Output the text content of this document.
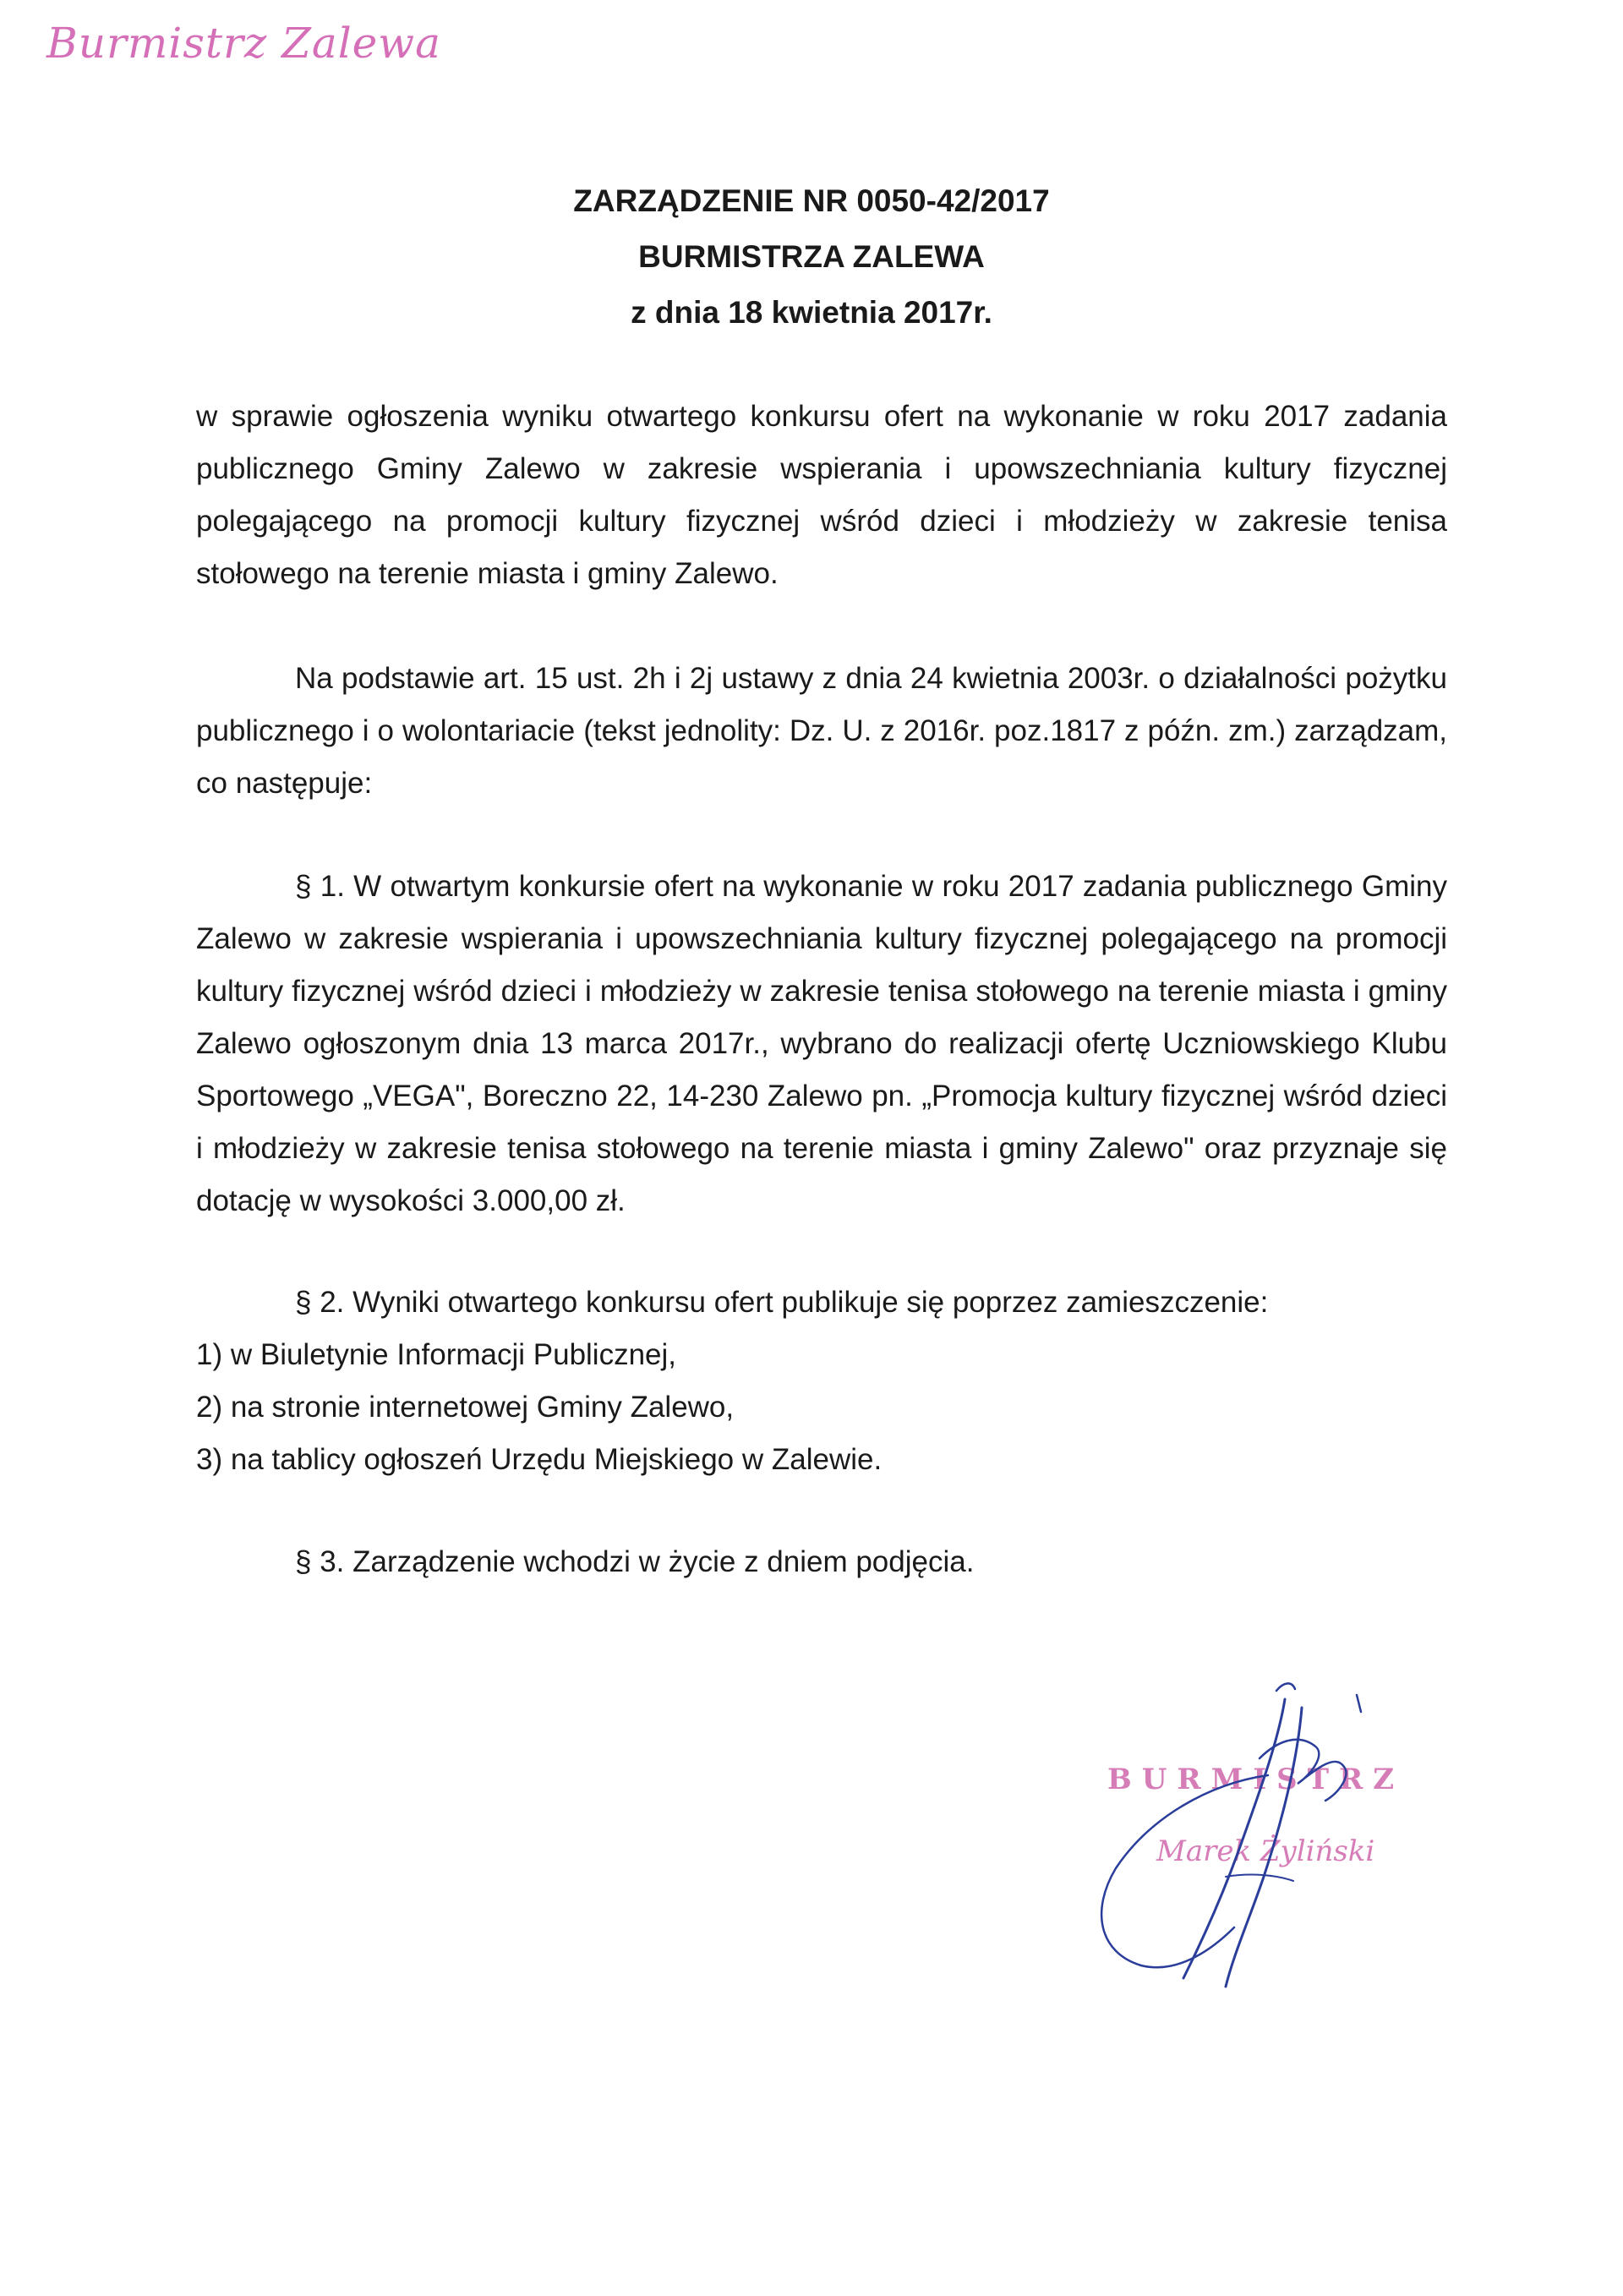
Burmistrz Zalewa
ZARZĄDZENIE NR 0050-42/2017
BURMISTRZA ZALEWA
z dnia 18 kwietnia 2017r.
w sprawie ogłoszenia wyniku otwartego konkursu ofert na wykonanie w roku 2017 zadania publicznego Gminy Zalewo w zakresie wspierania i upowszechniania kultury fizycznej polegającego na promocji kultury fizycznej wśród dzieci i młodzieży w zakresie tenisa stołowego na terenie miasta i gminy Zalewo.
Na podstawie art. 15 ust. 2h i 2j ustawy z dnia 24 kwietnia 2003r. o działalności pożytku publicznego i o wolontariacie (tekst jednolity: Dz. U. z 2016r. poz.1817 z późn. zm.) zarządzam, co następuje:
§ 1. W otwartym konkursie ofert na wykonanie w roku 2017 zadania publicznego Gminy Zalewo w zakresie wspierania i upowszechniania kultury fizycznej polegającego na promocji kultury fizycznej wśród dzieci i młodzieży w zakresie tenisa stołowego na terenie miasta i gminy Zalewo ogłoszonym dnia 13 marca 2017r., wybrano do realizacji ofertę Uczniowskiego Klubu Sportowego „VEGA", Boreczno 22, 14-230 Zalewo pn. „Promocja kultury fizycznej wśród dzieci i młodzieży w zakresie tenisa stołowego na terenie miasta i gminy Zalewo" oraz przyznaje się dotację w wysokości 3.000,00 zł.
§ 2. Wyniki otwartego konkursu ofert publikuje się poprzez zamieszczenie:
1) w Biuletynie Informacji Publicznej,
2) na stronie internetowej Gminy Zalewo,
3) na tablicy ogłoszeń Urzędu Miejskiego w Zalewie.
§ 3. Zarządzenie wchodzi w życie z dniem podjęcia.
BURMISTRZ
Marek Żyliński
